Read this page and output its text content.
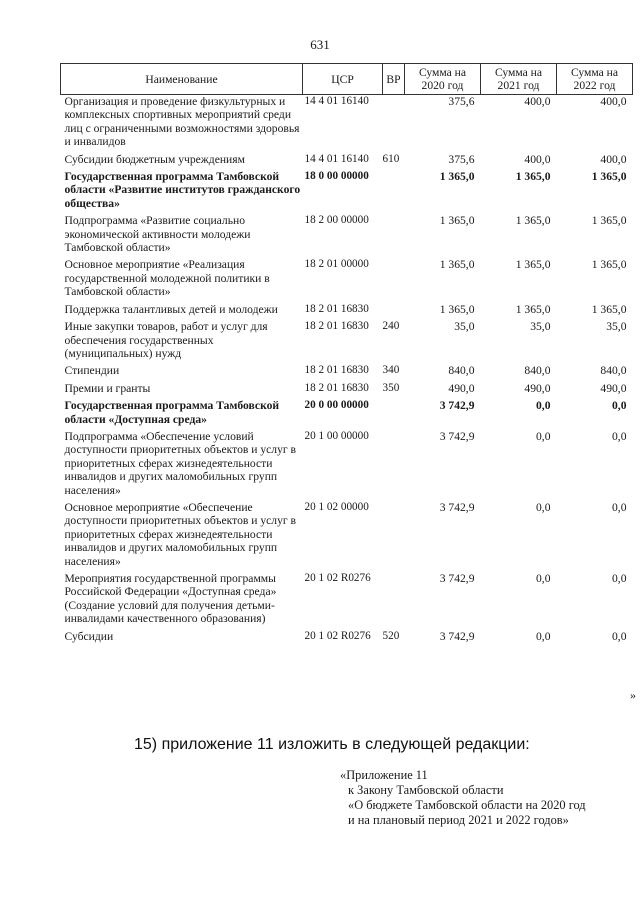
631
Наименование	ЦСР	ВР	Сумма на 2020 год	Сумма на 2021 год	Сумма на 2022 год
Организация и проведение физкультурных и комплексных спортивных мероприятий среди лиц с ограниченными возможностями здоровья и инвалидов	14 4 01 16140		375,6	400,0	400,0
Субсидии бюджетным учреждениям	14 4 01 16140	610	375,6	400,0	400,0
Государственная программа Тамбовской области «Развитие институтов гражданского общества»	18 0 00 00000		1 365,0	1 365,0	1 365,0
Подпрограмма «Развитие социально экономической активности молодежи Тамбовской области»	18 2 00 00000		1 365,0	1 365,0	1 365,0
Основное мероприятие «Реализация государственной молодежной политики в Тамбовской области»	18 2 01 00000		1 365,0	1 365,0	1 365,0
Поддержка талантливых детей и молодежи	18 2 01 16830		1 365,0	1 365,0	1 365,0
Иные закупки товаров, работ и услуг для обеспечения государственных (муниципальных) нужд	18 2 01 16830	240	35,0	35,0	35,0
Стипендии	18 2 01 16830	340	840,0	840,0	840,0
Премии и гранты	18 2 01 16830	350	490,0	490,0	490,0
Государственная программа Тамбовской области «Доступная среда»	20 0 00 00000		3 742,9	0,0	0,0
Подпрограмма «Обеспечение условий доступности приоритетных объектов и услуг в приоритетных сферах жизнедеятельности инвалидов и других маломобильных групп населения»	20 1 00 00000		3 742,9	0,0	0,0
Основное мероприятие «Обеспечение доступности приоритетных объектов и услуг в приоритетных сферах жизнедеятельности инвалидов и других маломобильных групп населения»	20 1 02 00000		3 742,9	0,0	0,0
Мероприятия государственной программы Российской Федерации «Доступная среда» (Создание условий для получения детьми-инвалидами качественного образования)	20 1 02 R0276		3 742,9	0,0	0,0
Субсидии	20 1 02 R0276	520	3 742,9	0,0	0,0
»
15) приложение 11 изложить в следующей редакции:
«Приложение 11
к Закону Тамбовской области
«О бюджете Тамбовской области на 2020 год
и на плановый период 2021 и 2022 годов»
